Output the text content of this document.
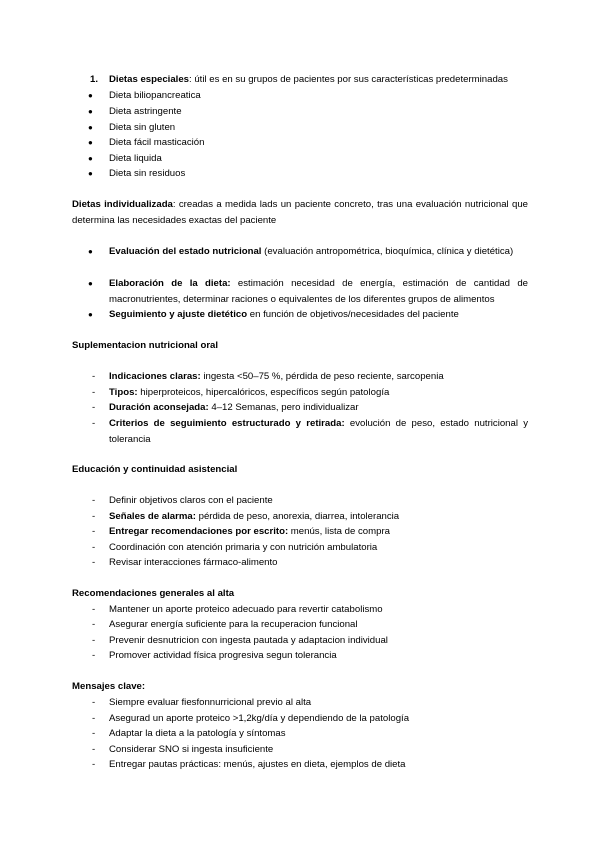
1. Dietas especiales: útil es en su grupos de pacientes por sus características predeterminadas
● Dieta biliopancreatica
● Dieta astringente
● Dieta sin gluten
● Dieta fácil masticación
● Dieta liquida
● Dieta sin residuos
Dietas individualizada: creadas a medida lads un paciente concreto, tras una evaluación nutricional que determina las necesidades exactas del paciente
● Evaluación del estado nutricional (evaluación antropométrica, bioquímica, clínica y dietética)
● Elaboración de la dieta: estimación necesidad de energía, estimación de cantidad de macronutrientes, determinar raciones o equivalentes de los diferentes grupos de alimentos
● Seguimiento y ajuste dietético en función de objetivos/necesidades del paciente
Suplementacion nutricional oral
- Indicaciones claras: ingesta <50–75 %, pérdida de peso reciente, sarcopenia
- Tipos: hiperproteicos, hipercalóricos, específicos según patología
- Duración aconsejada: 4–12 Semanas, pero individualizar
- Criterios de seguimiento estructurado y retirada: evolución de peso, estado nutricional y tolerancia
Educación y continuidad asistencial
- Definir objetivos claros con el paciente
- Señales de alarma: pérdida de peso, anorexia, diarrea, intolerancia
- Entregar recomendaciones por escrito: menús, lista de compra
- Coordinación con atención primaria y con nutrición ambulatoria
- Revisar interacciones fármaco-alimento
Recomendaciones generales al alta
- Mantener un aporte proteico adecuado para revertir catabolismo
- Asegurar energía suficiente para la recuperacion funcional
- Prevenir desnutricion con ingesta pautada y adaptacion individual
- Promover actividad física progresiva segun tolerancia
Mensajes clave:
- Siempre evaluar fiesfonnurricional previo al alta
- Asegurad un aporte proteico >1,2kg/día y dependiendo de la patología
- Adaptar la dieta a la patología y síntomas
- Considerar SNO si ingesta insuficiente
- Entregar pautas prácticas: menús, ajustes en dieta, ejemplos de dieta
